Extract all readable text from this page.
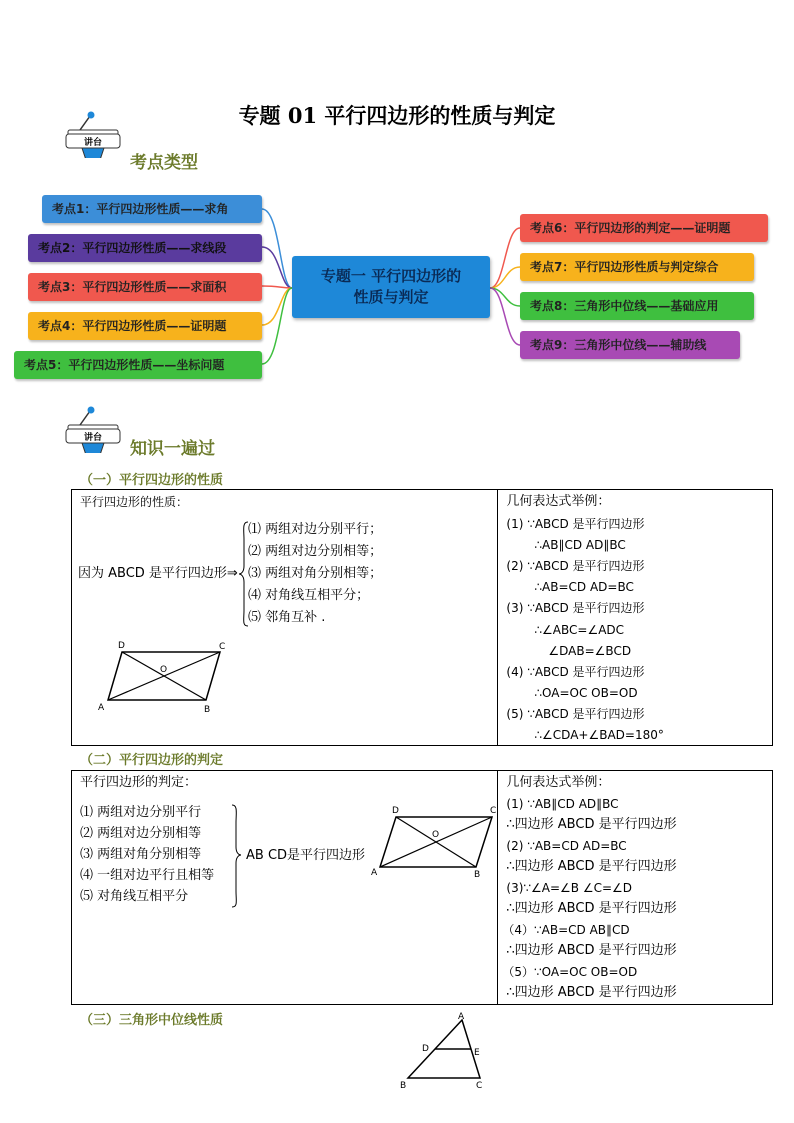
专题 01 平行四边形的性质与判定
讲台
考点类型
考点1：平行四边形性质——求角
考点2：平行四边形性质——求线段
考点3：平行四边形性质——求面积
考点4：平行四边形性质——证明题
考点5：平行四边形性质——坐标问题
专题一 平行四边形的
性质与判定
考点6：平行四边形的判定——证明题
考点7：平行四边形性质与判定综合
考点8：三角形中位线——基础应用
考点9：三角形中位线——辅助线
讲台
知识一遍过
（一）平行四边形的性质
平行四边形的性质：
因为 ABCD 是平行四边形⇒
⑴ 两组对边分别平行；
⑵ 两组对边分别相等；
⑶ 两组对角分别相等；
⑷ 对角线互相平分；
⑸ 邻角互补 .
A	B
C
D
O

几何表达式举例：
(1) ∵ABCD 是平行四边形
∴AB∥CD AD∥BC
(2) ∵ABCD 是平行四边形
∴AB=CD AD=BC
(3) ∵ABCD 是平行四边形
∴∠ABC=∠ADC
∠DAB=∠BCD
(4) ∵ABCD 是平行四边形
∴OA=OC OB=OD
(5) ∵ABCD 是平行四边形
∴∠CDA+∠BAD=180°
（二）平行四边形的判定
平行四边形的判定：
⑴ 两组对边分别平行
⑵ 两组对边分别相等
⑶ 两组对角分别相等
⑷ 一组对边平行且相等
⑸ 对角线互相平分
AB CD是平行四边形
A	B
C
D
O

几何表达式举例：
(1) ∵AB∥CD AD∥BC
∴四边形 ABCD 是平行四边形
(2) ∵AB=CD AD=BC
∴四边形 ABCD 是平行四边形
(3)∵∠A=∠B ∠C=∠D
∴四边形 ABCD 是平行四边形
（4）∵AB=CD AB∥CD
∴四边形 ABCD 是平行四边形
（5）∵OA=OC OB=OD
∴四边形 ABCD 是平行四边形
（三）三角形中位线性质	A
B	C
D	E
